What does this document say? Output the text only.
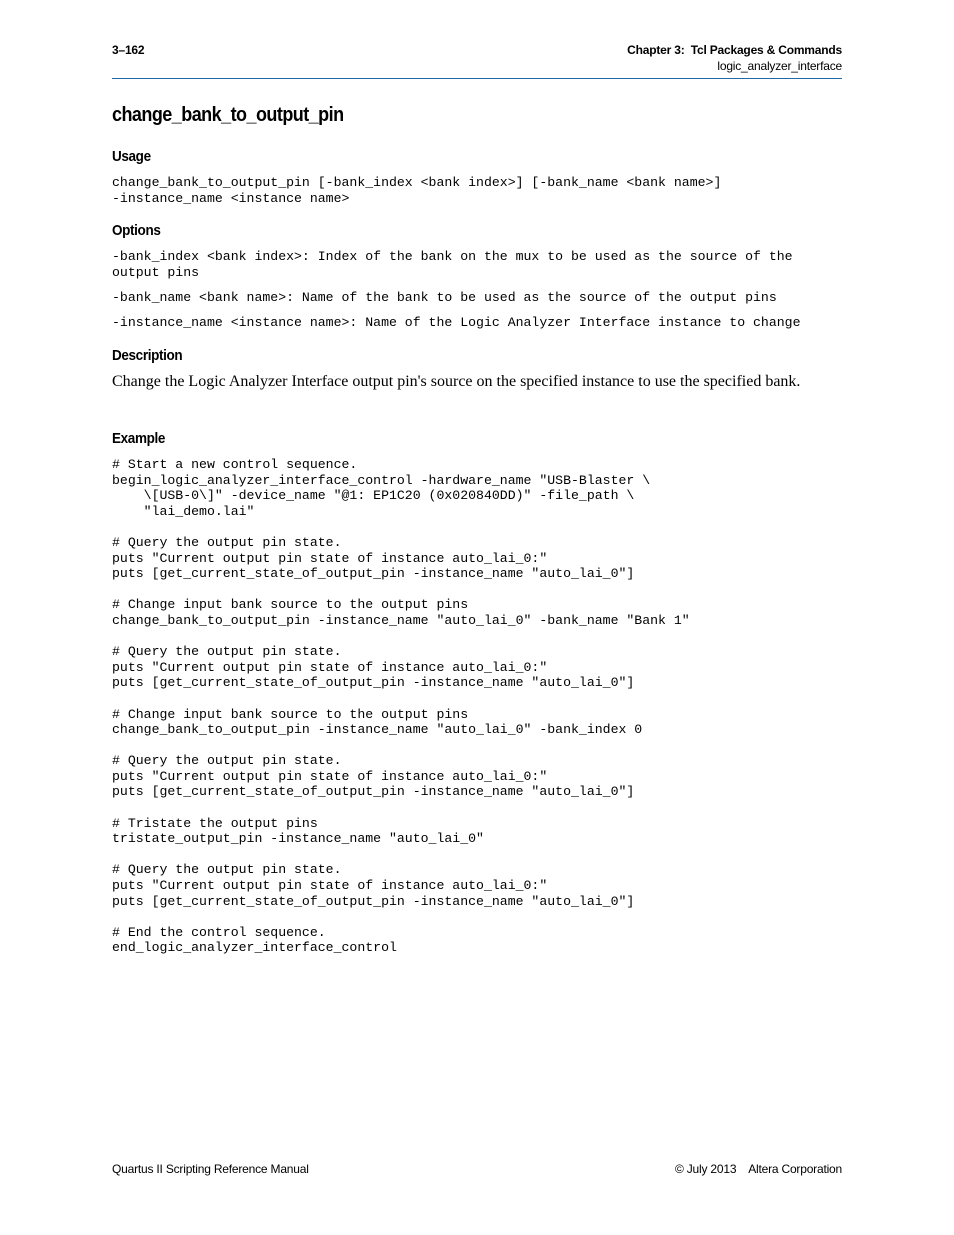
3–162	Chapter 3:  Tcl Packages & Commands
logic_analyzer_interface
change_bank_to_output_pin
Usage
change_bank_to_output_pin [-bank_index <bank index>] [-bank_name <bank name>]
-instance_name <instance name>
Options
-bank_index <bank index>: Index of the bank on the mux to be used as the source of the
output pins
-bank_name <bank name>: Name of the bank to be used as the source of the output pins
-instance_name <instance name>: Name of the Logic Analyzer Interface instance to change
Description

Change the Logic Analyzer Interface output pin's source on the specified instance to use the specified bank.

Example
# Start a new control sequence.
begin_logic_analyzer_interface_control -hardware_name "USB-Blaster \
\[USB-0\]" -device_name "@1: EP1C20 (0x020840DD)" -file_path \
"lai_demo.lai"

# Query the output pin state.
puts "Current output pin state of instance auto_lai_0:"
puts [get_current_state_of_output_pin -instance_name "auto_lai_0"]

# Change input bank source to the output pins
change_bank_to_output_pin -instance_name "auto_lai_0" -bank_name "Bank 1"

# Query the output pin state.
puts "Current output pin state of instance auto_lai_0:"
puts [get_current_state_of_output_pin -instance_name "auto_lai_0"]

# Change input bank source to the output pins
change_bank_to_output_pin -instance_name "auto_lai_0" -bank_index 0

# Query the output pin state.
puts "Current output pin state of instance auto_lai_0:"
puts [get_current_state_of_output_pin -instance_name "auto_lai_0"]

# Tristate the output pins
tristate_output_pin -instance_name "auto_lai_0"

# Query the output pin state.
puts "Current output pin state of instance auto_lai_0:"
puts [get_current_state_of_output_pin -instance_name "auto_lai_0"]

# End the control sequence.
end_logic_analyzer_interface_control
Quartus II Scripting Reference Manual	© July 2013    Altera Corporation
